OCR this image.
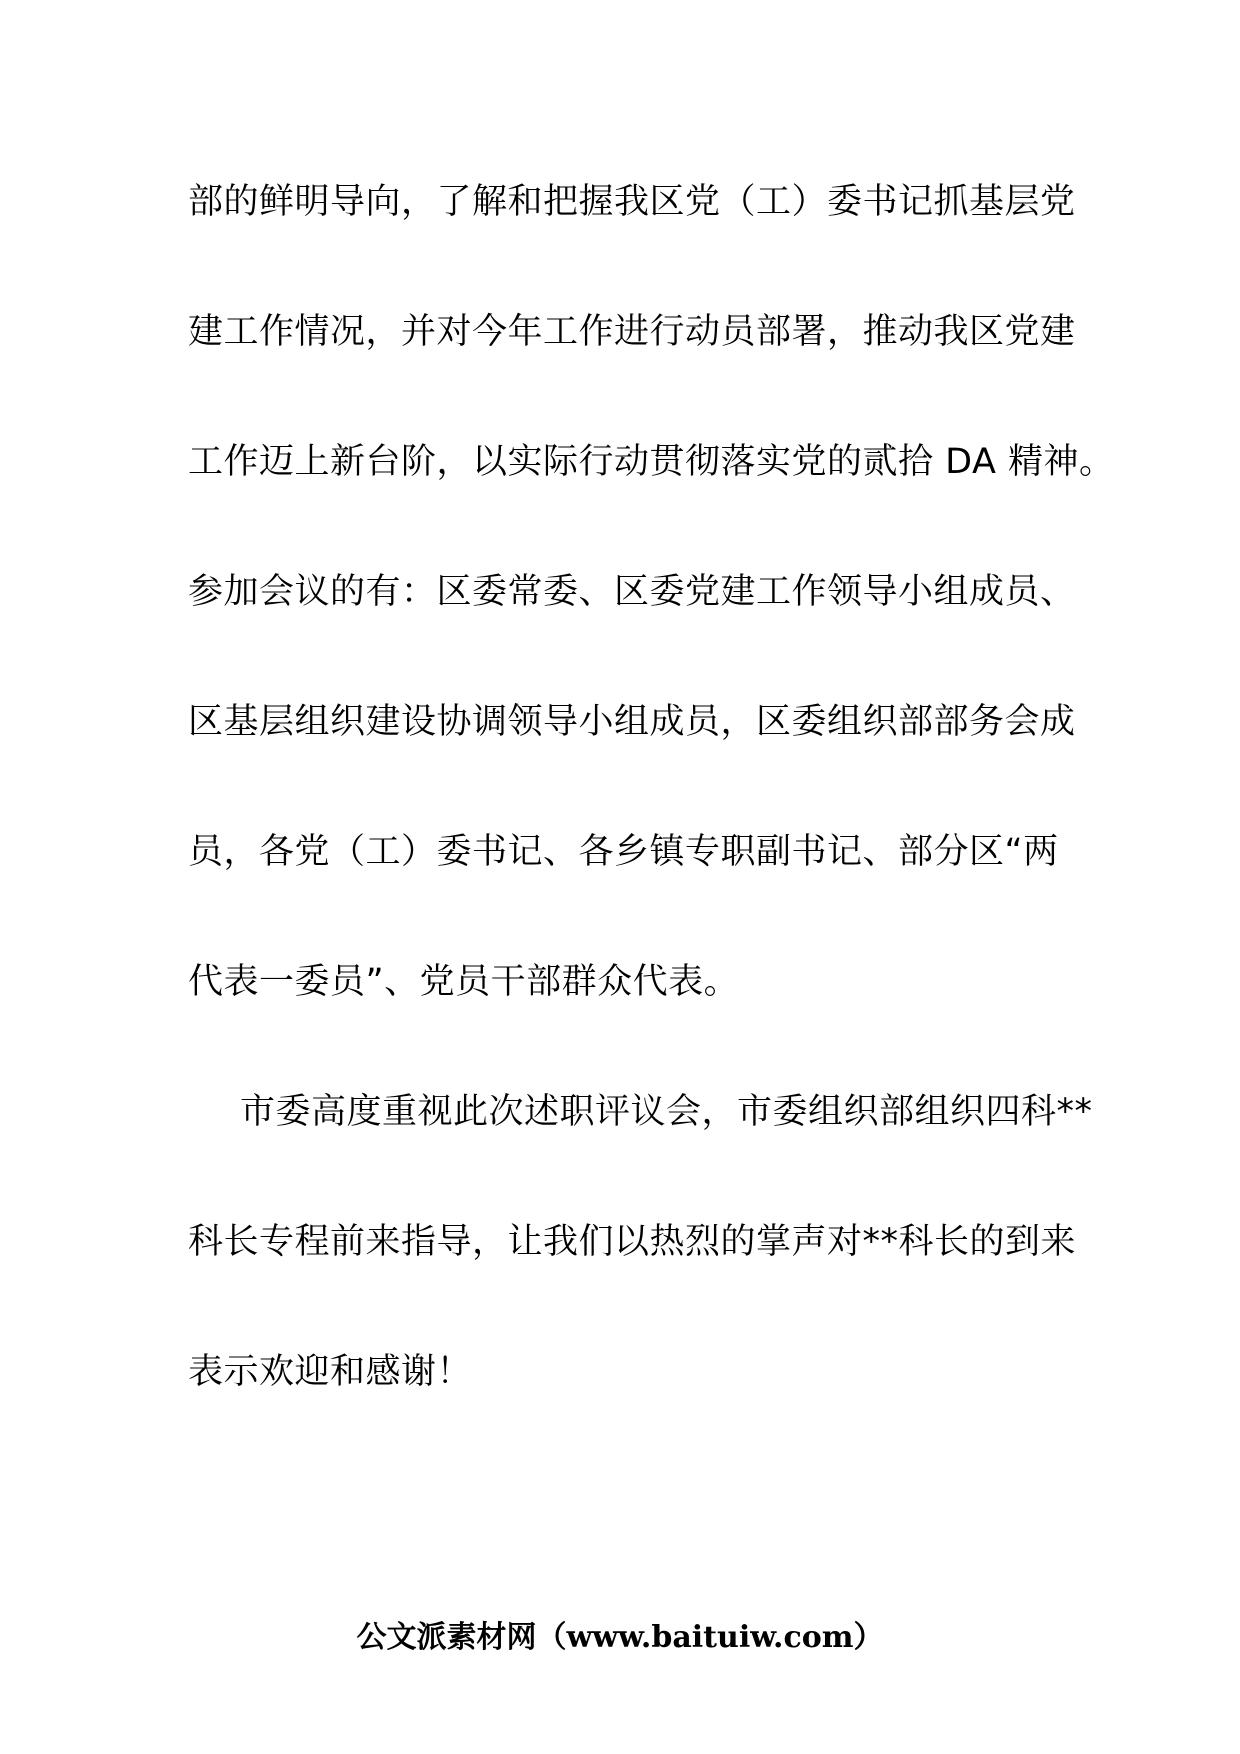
部的鲜明导向，了解和把握我区党（工）委书记抓基层党
建工作情况，并对今年工作进行动员部署，推动我区党建
工作迈上新台阶，以实际行动贯彻落实党的贰拾 DA 精神。
参加会议的有：区委常委、区委党建工作领导小组成员、
区基层组织建设协调领导小组成员，区委组织部部务会成
员，各党（工）委书记、各乡镇专职副书记、部分区“两
代表一委员”、党员干部群众代表。
市委高度重视此次述职评议会，市委组织部组织四科**
科长专程前来指导，让我们以热烈的掌声对**科长的到来
表示欢迎和感谢！
公文派素材网（www.baituiw.com）
